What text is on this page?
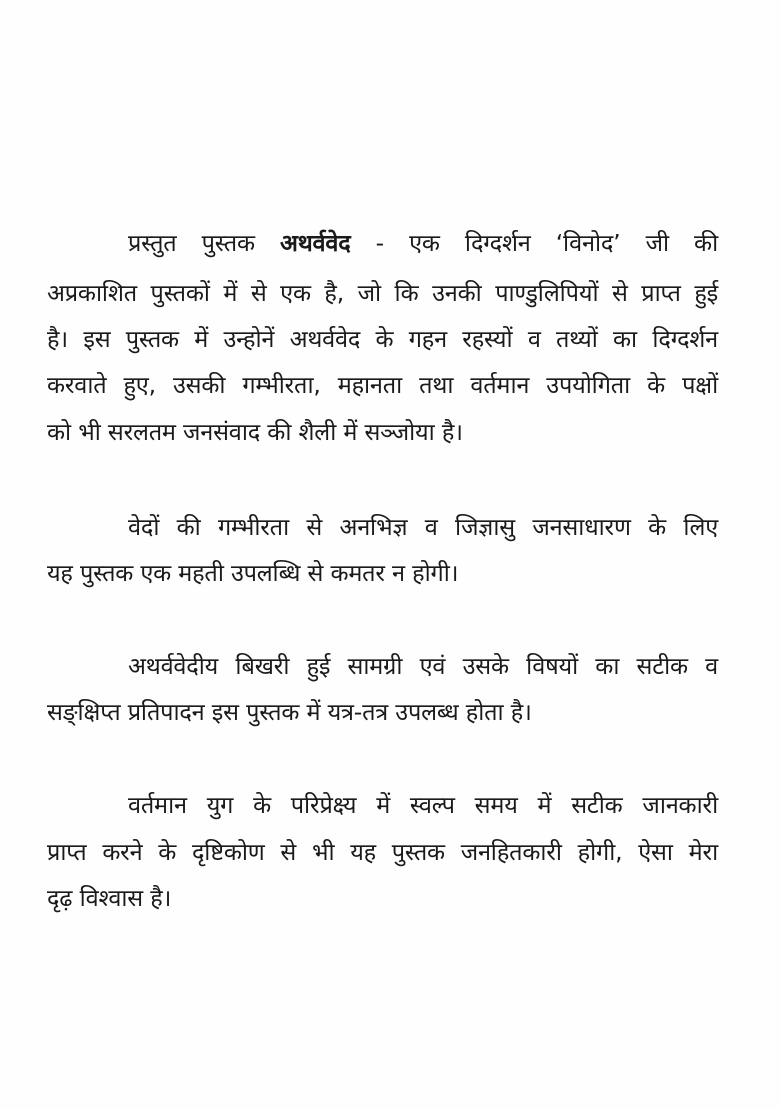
प्रस्तुत पुस्तक अथर्ववेद - एक दिग्दर्शन ‘विनोद’ जी की
अप्रकाशित पुस्तकों में से एक है, जो कि उनकी पाण्डुलिपियों से प्राप्त हुई
है। इस पुस्तक में उन्होनें अथर्ववेद के गहन रहस्यों व तथ्यों का दिग्दर्शन
करवाते हुए, उसकी गम्भीरता, महानता तथा वर्तमान उपयोगिता के पक्षों
को भी सरलतम जनसंवाद की शैली में सञ्जोया है।
वेदों की गम्भीरता से अनभिज्ञ व जिज्ञासु जनसाधारण के लिए
यह पुस्तक एक महती उपलब्धि से कमतर न होगी।
अथर्ववेदीय बिखरी हुई सामग्री एवं उसके विषयों का सटीक व
सङ्क्षिप्त प्रतिपादन इस पुस्तक में यत्र-तत्र उपलब्ध होता है।
वर्तमान युग के परिप्रेक्ष्य में स्वल्प समय में सटीक जानकारी
प्राप्त करने के दृष्टिकोण से भी यह पुस्तक जनहितकारी होगी, ऐसा मेरा
दृढ़ विश्वास है।
